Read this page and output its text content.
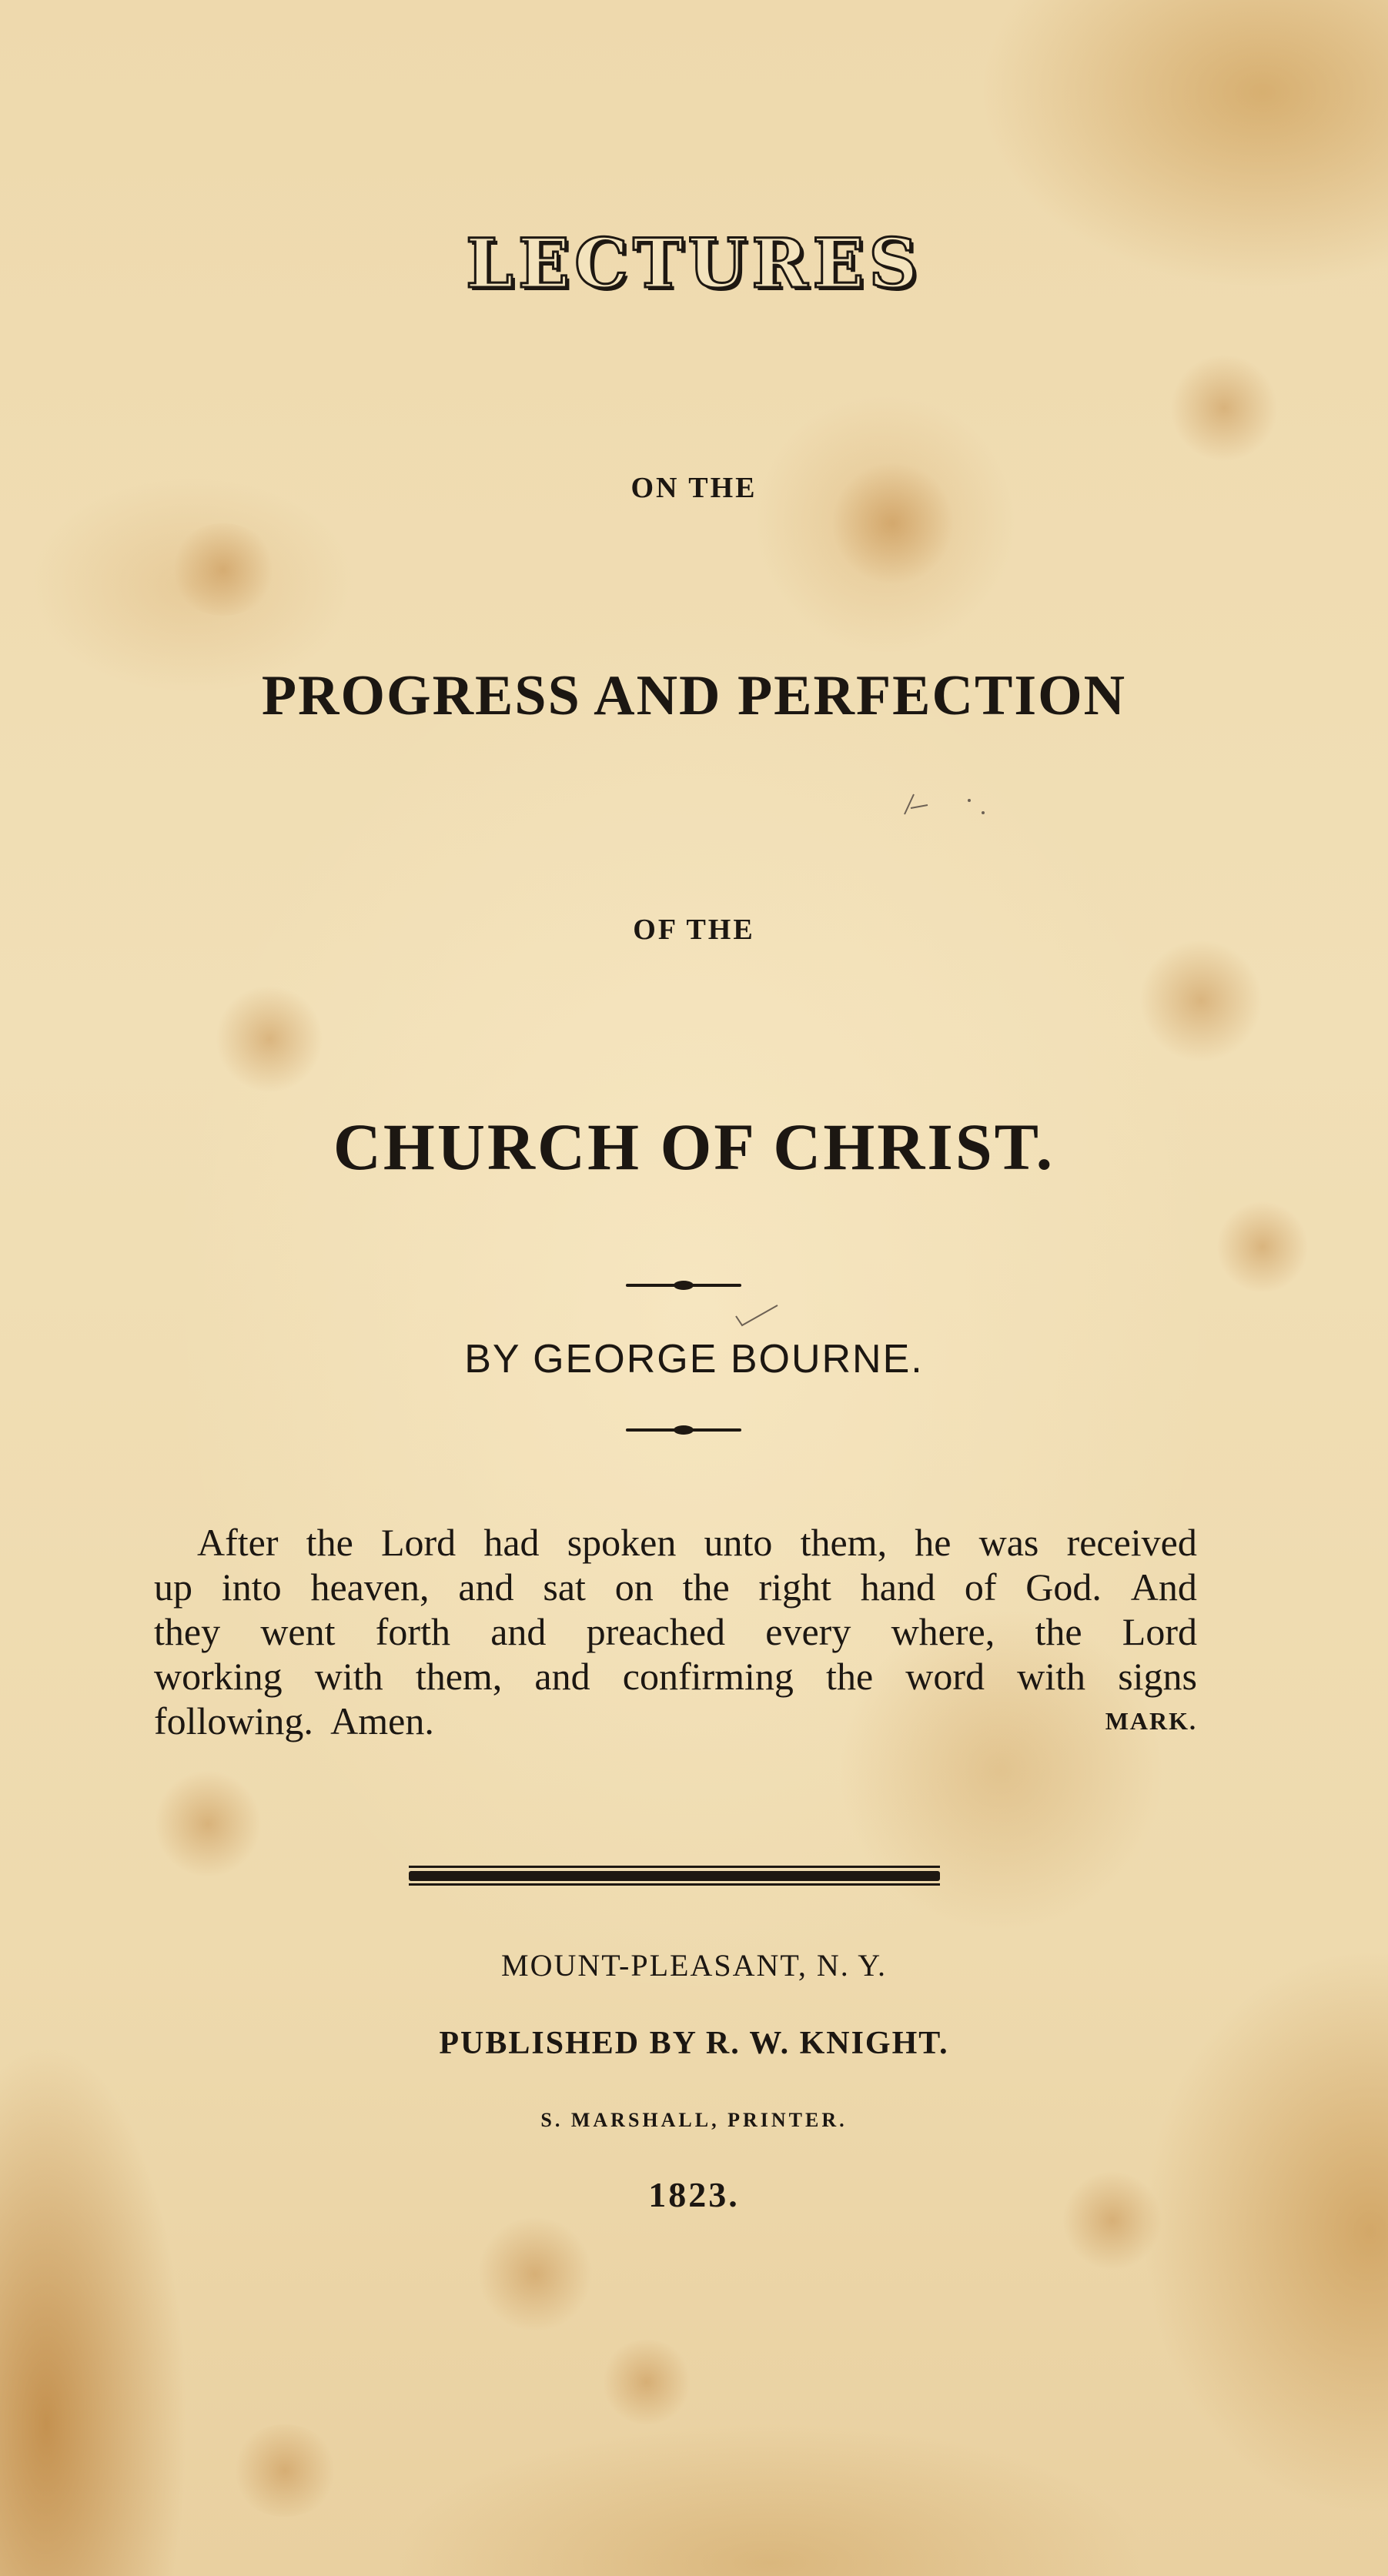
LECTURES
ON THE
PROGRESS AND PERFECTION
OF THE
CHURCH OF CHRIST.
BY GEORGE BOURNE.
After the Lord had spoken unto them, he was received
up into heaven, and sat on the right hand of God. And
they went forth and preached every where, the Lord
working with them, and confirming the word with signs
following.  Amen.	MARK.
MOUNT-PLEASANT, N. Y.
PUBLISHED BY R. W. KNIGHT.
S. MARSHALL, PRINTER.
1823.
